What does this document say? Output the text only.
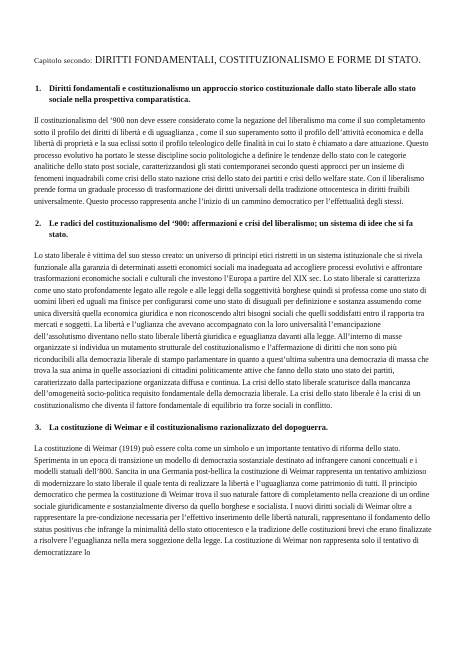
Capitolo secondo: DIRITTI FONDAMENTALI, COSTITUZIONALISMO E FORME DI STATO.
1. Diritti fondamentali e costituzionalismo un approccio storico costituzionale dallo stato liberale allo stato sociale nella prospettiva comparatistica.

Il costituzionalismo del ‘900 non deve essere considerato come la negazione del liberalismo ma come il suo completamento sotto il profilo dei diritti di libertà e di uguaglianza , come il suo superamento sotto il profilo dell’attività economica e della libertà di proprietà e la sua eclissi sotto il profilo teleologico delle finalità in cui lo stato è chiamato a dare attuazione. Questo processo evolutivo ha portato le stesse discipline socio politologiche a definire le tendenze dello stato con le categorie analitiche dello stato post sociale, caratterizzandosi gli stati contemporanei secondo questi approcci per un insieme di fenomeni inquadrabili come crisi dello stato nazione crisi dello stato dei partiti e crisi dello welfare state. Con il liberalismo prende forma un graduale processo di trasformazione dei diritti universali della tradizione ottocentesca in diritti fruibili universalmente. Questo processo rappresenta anche l’inizio di un cammino democratico per l’effettualità degli stessi.

2. Le radici del costituzionalismo del ‘900: affermazioni e crisi del liberalismo; un sistema di idee che si fa stato.

Lo stato liberale è vittima del suo stesso creato: un universo di principi etici ristretti in un sistema istituzionale che si rivela funzionale alla garanzia di determinati assetti economici sociali ma inadeguata ad accogliere processi evolutivi e affrontare trasformazioni economiche sociali e culturali che investono l’Europa a partire del XIX sec. Lo stato liberale si caratterizza come uno stato profondamente legato alle regole e alle leggi della soggettività borghese quindi si professa come uno stato di uomini liberi ed uguali ma finisce per configurarsi come uno stato di disuguali per definizione e sostanza assumendo come unica diversità quella economica giuridica e non riconoscendo altri bisogni sociali che quelli soddisfatti entro il rapporta tra mercati e soggetti. La libertà e l’uglianza che avevano accompagnato con la loro universalità l’emancipazione dell’assolutismo diventano nello stato liberale libertà giuridica e eguaglianza davanti alla legge. All’interno di masse organizzate si individua un mutamento strutturale del costituzionalismo e l’affermazione di diritti che non sono più riconducibili alla democrazia liberale di stampo parlamentare in quanto a quest’ultima subentra una democrazia di massa che trova la sua anima in quelle associazioni di cittadini politicamente attive che fanno dello stato uno stato dei partiti, caratterizzato dalla partecipazione organizzata diffusa e continua. La crisi dello stato liberale scaturisce dalla mancanza dell’omogeneità socio-politica requisito fondamentale della democrazia liberale. La crisi dello stato liberale è la crisi di un costituzionalismo che diventa il fattore fondamentale di equilibrio tra forze sociali in conflitto.

3. La costituzione di Weimar e il costituzionalismo razionalizzato del dopoguerra.

La costituzione di Weimar (1919) può essere colta come un simbolo e un importante tentativo di riforma dello stato. Sperimenta in un epoca di transizione un modello di democrazia sostanziale destinato ad infrangere canoni concettuali e i modelli statuali dell’800. Sancita in una Germania post-bellica la costituzione di Weimar rappresenta un tentativo ambizioso di modernizzare lo stato liberale il quale tenta di realizzare la libertà e l’uguaglianza come patrimonio di tutti. Il principio democratico che permea la costituzione di Weimar trova il suo naturale fattore di completamento nella creazione di un ordine sociale giuridicamente e sostanzialmente diverso da quello borghese e socialista. I nuovi diritti sociali di Weimar oltre a rappresentare la pre-condizione necessaria per l’effettivo inserimento delle libertà naturali, rappresentano il fondamento dello status positivus che infrange la minimalità dello stato ottocentesco e la tradizione delle costituzioni brevi che erano finalizzate a risolvere l’eguaglianza nella mera soggezione della legge. La costituzione di Weimar non rappresenta solo il tentativo di democratizzare lo
